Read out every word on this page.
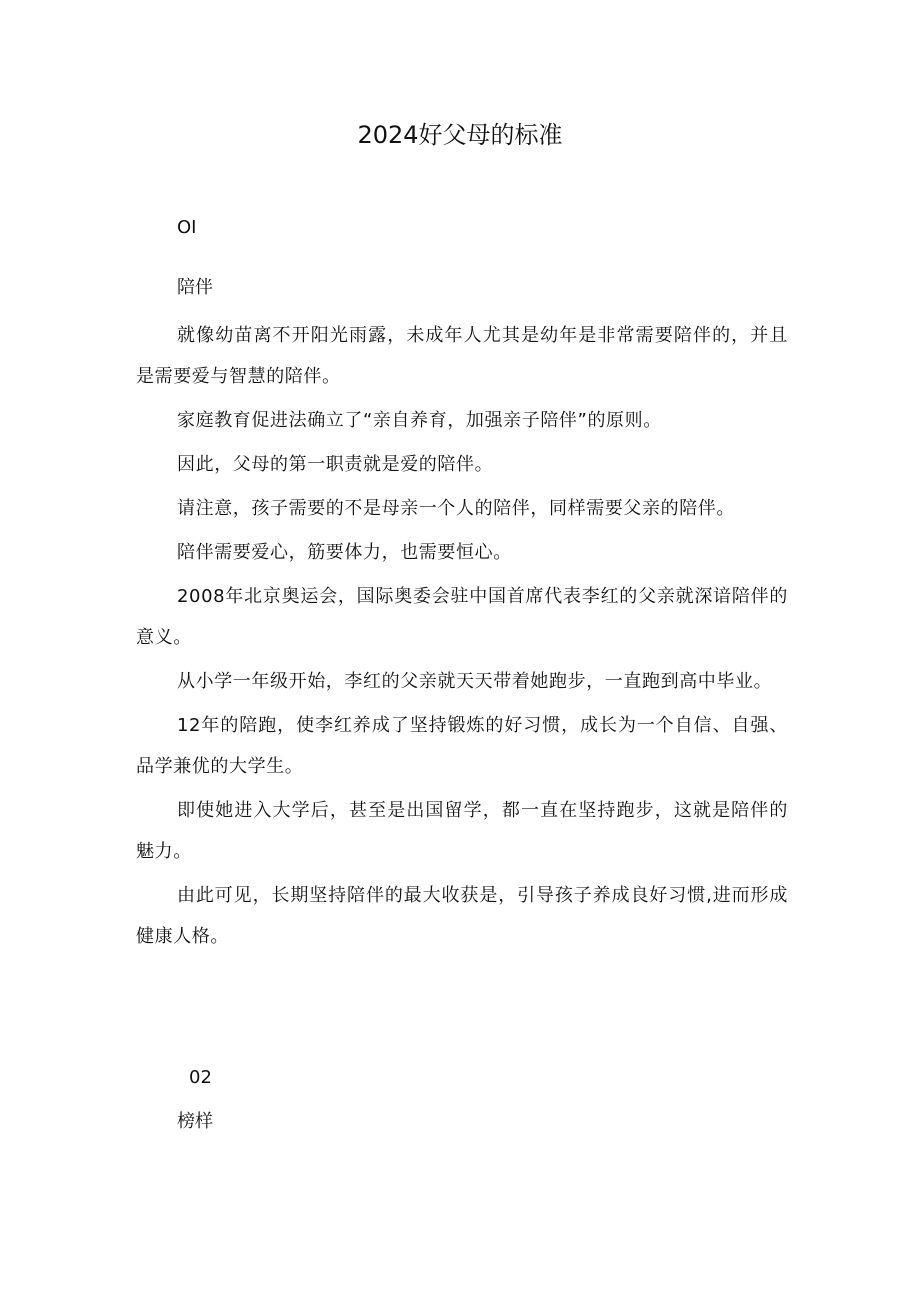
2024好父母的标准
OI
陪伴

就像幼苗离不开阳光雨露，未成年人尤其是幼年是非常需要陪伴的，并且是需要爱与智慧的陪伴。

家庭教育促进法确立了“亲自养育，加强亲子陪伴”的原则。

因此，父母的第一职责就是爱的陪伴。

请注意，孩子需要的不是母亲一个人的陪伴，同样需要父亲的陪伴。

陪伴需要爱心，筋要体力，也需要恒心。

2008年北京奥运会，国际奥委会驻中国首席代表李红的父亲就深谙陪伴的意义。

从小学一年级开始，李红的父亲就天天带着她跑步，一直跑到高中毕业。

12年的陪跑，使李红养成了坚持锻炼的好习惯，成长为一个自信、自强、品学兼优的大学生。

即使她进入大学后，甚至是出国留学，都一直在坚持跑步，这就是陪伴的魅力。

由此可见，长期坚持陪伴的最大收获是，引导孩子养成良好习惯,进而形成健康人格。

02
榜样
